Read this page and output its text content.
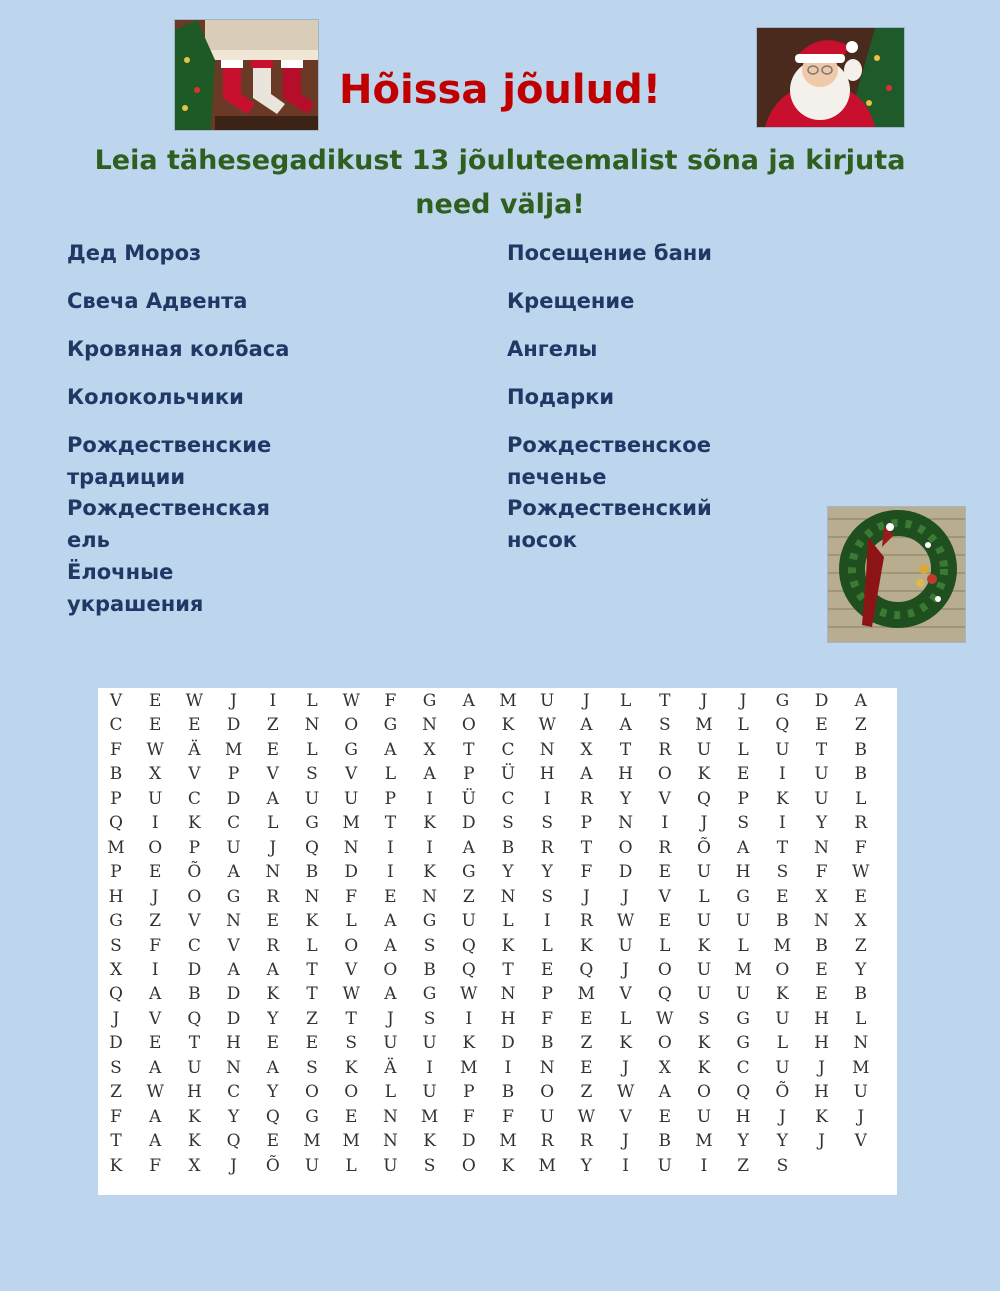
Hõissa jõulud!
Leia tähesegadikust 13 jõuluteemalist sõna ja kirjuta need välja!
Дед Мороз
Свеча Адвента
Кровяная колбаса
Колокольчики
Рождественские
традиции
Рождественская
ель
Ёлочные
украшения
Посещение бани
Крещение
Ангелы
Подарки
Рождественское
печенье
Рождественский
носок
V	E	W	J	I	L	W	F	G	A	M	U	J	L	T	J	J	G	D	A
C	E	E	D	Z	N	O	G	N	O	K	W	A	A	S	M	L	Q	E	Z
F	W	Ä	M	E	L	G	A	X	T	C	N	X	T	R	U	L	U	T	B
B	X	V	P	V	S	V	L	A	P	Ü	H	A	H	O	K	E	I	U	B
P	U	C	D	A	U	U	P	I	Ü	C	I	R	Y	V	Q	P	K	U	L
Q	I	K	C	L	G	M	T	K	D	S	S	P	N	I	J	S	I	Y	R
M	O	P	U	J	Q	N	I	I	A	B	R	T	O	R	Õ	A	T	N	F
P	E	Õ	A	N	B	D	I	K	G	Y	Y	F	D	E	U	H	S	F	W
H	J	O	G	R	N	F	E	N	Z	N	S	J	J	V	L	G	E	X	E
G	Z	V	N	E	K	L	A	G	U	L	I	R	W	E	U	U	B	N	X
S	F	C	V	R	L	O	A	S	Q	K	L	K	U	L	K	L	M	B	Z
X	I	D	A	A	T	V	O	B	Q	T	E	Q	J	O	U	M	O	E	Y
Q	A	B	D	K	T	W	A	G	W	N	P	M	V	Q	U	U	K	E	B
J	V	Q	D	Y	Z	T	J	S	I	H	F	E	L	W	S	G	U	H	L
D	E	T	H	E	E	S	U	U	K	D	B	Z	K	O	K	G	L	H	N
S	A	U	N	A	S	K	Ä	I	M	I	N	E	J	X	K	C	U	J	M
Z	W	H	C	Y	O	O	L	U	P	B	O	Z	W	A	O	Q	Õ	H	U
F	A	K	Y	Q	G	E	N	M	F	F	U	W	V	E	U	H	J	K	J
T	A	K	Q	E	M	M	N	K	D	M	R	R	J	B	M	Y	Y	J	V
K	F	X	J	Õ	U	L	U	S	O	K	M	Y	I	U	I	Z	S
